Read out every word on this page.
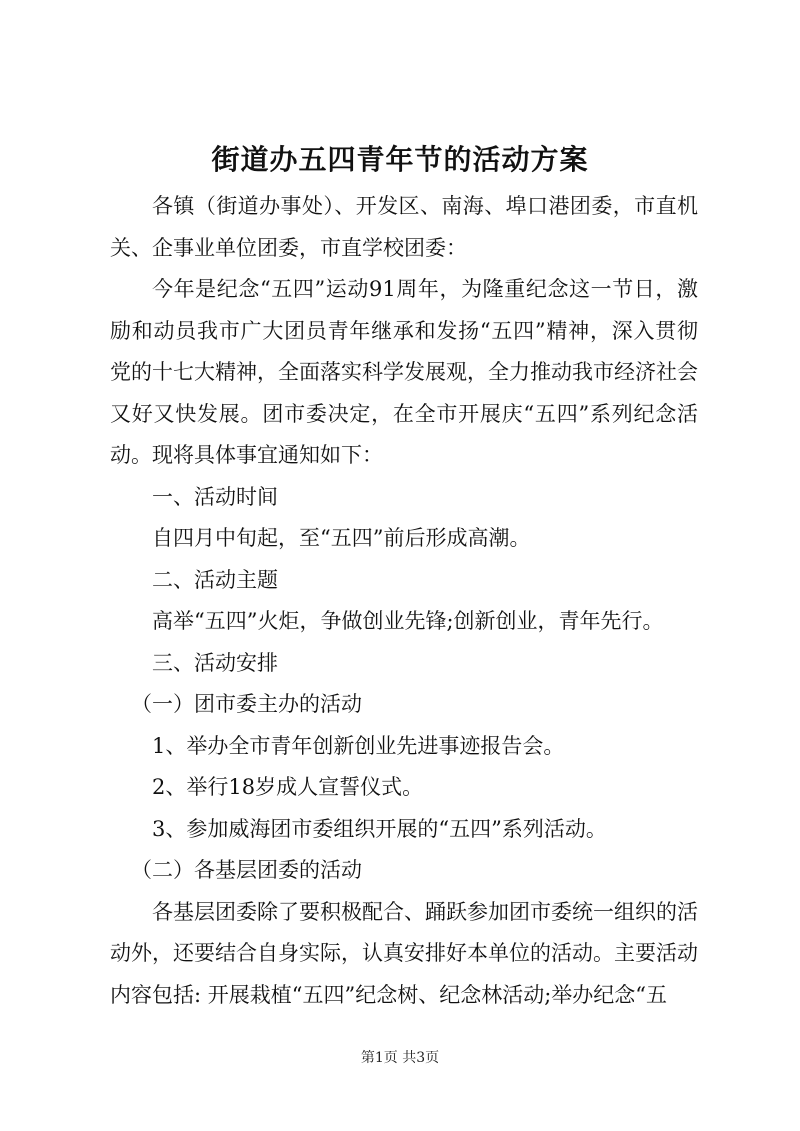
街道办五四青年节的活动方案

各镇（街道办事处）、开发区、南海、埠口港团委，市直机关、企事业单位团委，市直学校团委：

今年是纪念“五四”运动91周年，为隆重纪念这一节日，激励和动员我市广大团员青年继承和发扬“五四”精神，深入贯彻党的十七大精神，全面落实科学发展观，全力推动我市经济社会又好又快发展。团市委决定，在全市开展庆“五四”系列纪念活动。现将具体事宜通知如下：

一、活动时间

自四月中旬起，至“五四”前后形成高潮。

二、活动主题

高举“五四”火炬，争做创业先锋;创新创业，青年先行。

三、活动安排

（一）团市委主办的活动

1、举办全市青年创新创业先进事迹报告会。

2、举行18岁成人宣誓仪式。

3、参加威海团市委组织开展的“五四”系列活动。

（二）各基层团委的活动

各基层团委除了要积极配合、踊跃参加团市委统一组织的活动外，还要结合自身实际，认真安排好本单位的活动。主要活动内容包括: 开展栽植“五四”纪念树、纪念林活动;举办纪念“五

第1页 共3页
